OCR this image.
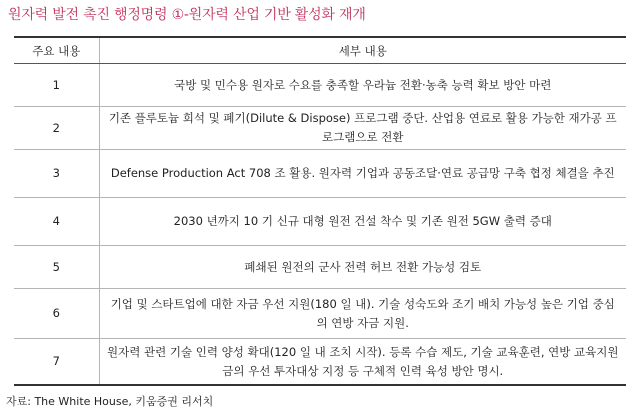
원자력 발전 촉진 행정명령 ①-원자력 산업 기반 활성화 재개
주요 내용	세부 내용
1	국방 및 민수용 원자로 수요를 충족할 우라늄 전환·농축 능력 확보 방안 마련
2	기존 플루토늄 희석 및 폐기(Dilute & Dispose) 프로그램 중단. 산업용 연료로 활용 가능한 재가공 프로그램으로 전환
3	Defense Production Act 708 조 활용. 원자력 기업과 공동조달·연료 공급망 구축 협정 체결을 추진
4	2030 년까지 10 기 신규 대형 원전 건설 착수 및 기존 원전 5GW 출력 증대
5	폐쇄된 원전의 군사 전력 허브 전환 가능성 검토
6	기업 및 스타트업에 대한 자금 우선 지원(180 일 내). 기술 성숙도와 조기 배치 가능성 높은 기업 중심의 연방 자금 지원.
7	원자력 관련 기술 인력 양성 확대(120 일 내 조치 시작). 등록 수습 제도, 기술 교육훈련, 연방 교육지원금의 우선 투자대상 지정 등 구체적 인력 육성 방안 명시.
자료: The White House, 키움증권 리서치
